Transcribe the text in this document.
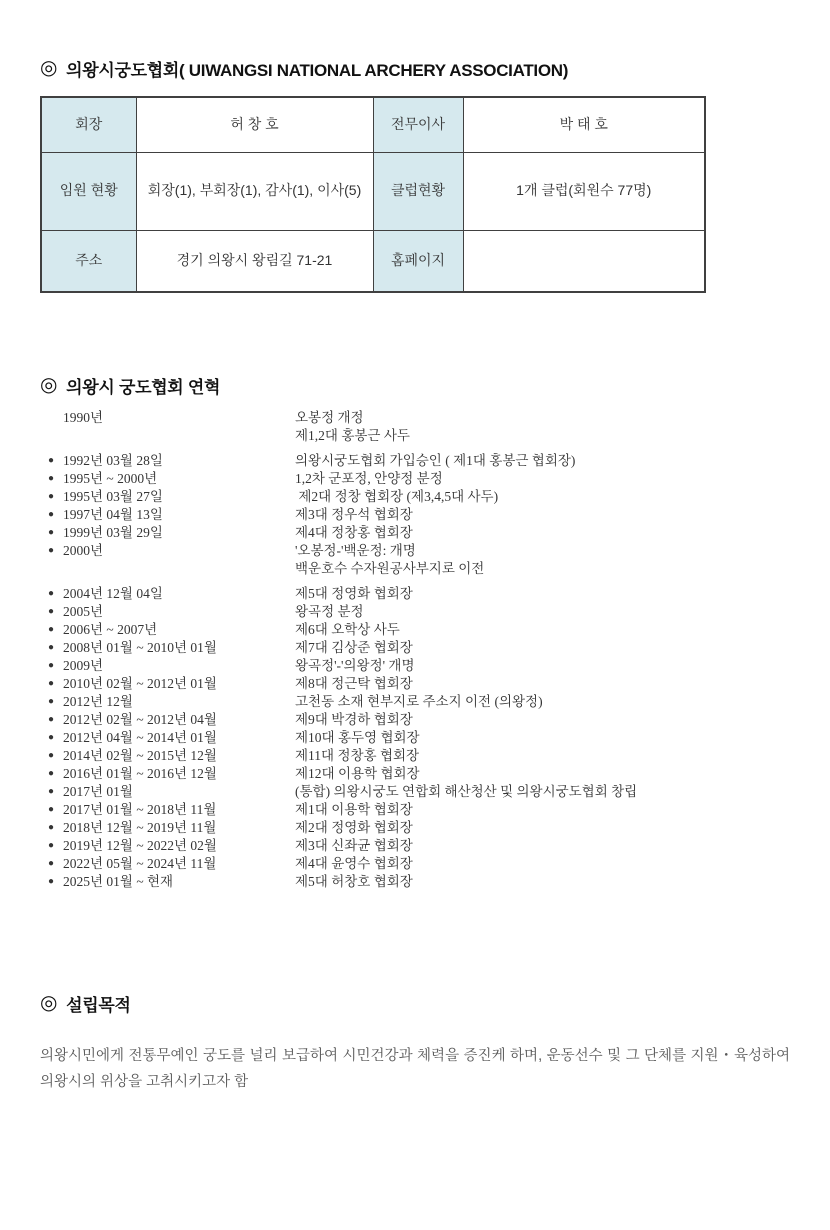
◎ 의왕시궁도협회( UIWANGSI NATIONAL ARCHERY ASSOCIATION)
회장	허 창 호	전무이사	박 태 호
임원 현황	회장(1), 부회장(1), 감사(1), 이사(5)	클럽현황	1개 클럽(회원수 77명)
주소	경기 의왕시 왕림길 71-21	홈페이지	
◎ 의왕시 궁도협회 연혁
1990년	오봉정 개정
제1,2대 홍봉근 사두
● 1992년 03월 28일	의왕시궁도협회 가입승인 ( 제1대 홍봉근 협회장)
● 1995년 ~ 2000년	1,2차 군포정, 안양정 분정
● 1995년 03월 27일	제2대 정창 협회장 (제3,4,5대 사두)
● 1997년 04월 13일	제3대 정우석 협회장
● 1999년 03월 29일	제4대 정창홍 협회장
● 2000년	'오봉정-'백운정: 개명
백운호수 수자원공사부지로 이전
● 2004년 12월 04일	제5대 정영화 협회장
● 2005년	왕곡정 분정
● 2006년 ~ 2007년	제6대 오학상 사두
● 2008년 01월 ~ 2010년 01월	제7대 김상준 협회장
● 2009년	왕곡정'-'의왕정' 개명
● 2010년 02월 ~ 2012년 01월	제8대 정근탁 협회장
● 2012년 12월	고천동 소재 현부지로 주소지 이전 (의왕정)
● 2012년 02월 ~ 2012년 04월	제9대 박경하 협회장
● 2012년 04월 ~ 2014년 01월	제10대 홍두영 협회장
● 2014년 02월 ~ 2015년 12월	제11대 정창홍 협회장
● 2016년 01월 ~ 2016년 12월	제12대 이용학 협회장
● 2017년 01월	(통합) 의왕시궁도 연합회 해산청산 및 의왕시궁도협회 창립
● 2017년 01월 ~ 2018년 11월	제1대 이용학 협회장
● 2018년 12월 ~ 2019년 11월	제2대 정영화 협회장
● 2019년 12월 ~ 2022년 02월	제3대 신좌균 협회장
● 2022년 05월 ~ 2024년 11월	제4대 윤영수 협회장
● 2025년 01월 ~ 현재	제5대 허창호 협회장
◎ 설립목적

의왕시민에게 전통무예인 궁도를 널리 보급하여 시민건강과 체력을 증진케 하며, 운동선수 및 그 단체를 지원・육성하여 의왕시의 위상을 고취시키고자 함
